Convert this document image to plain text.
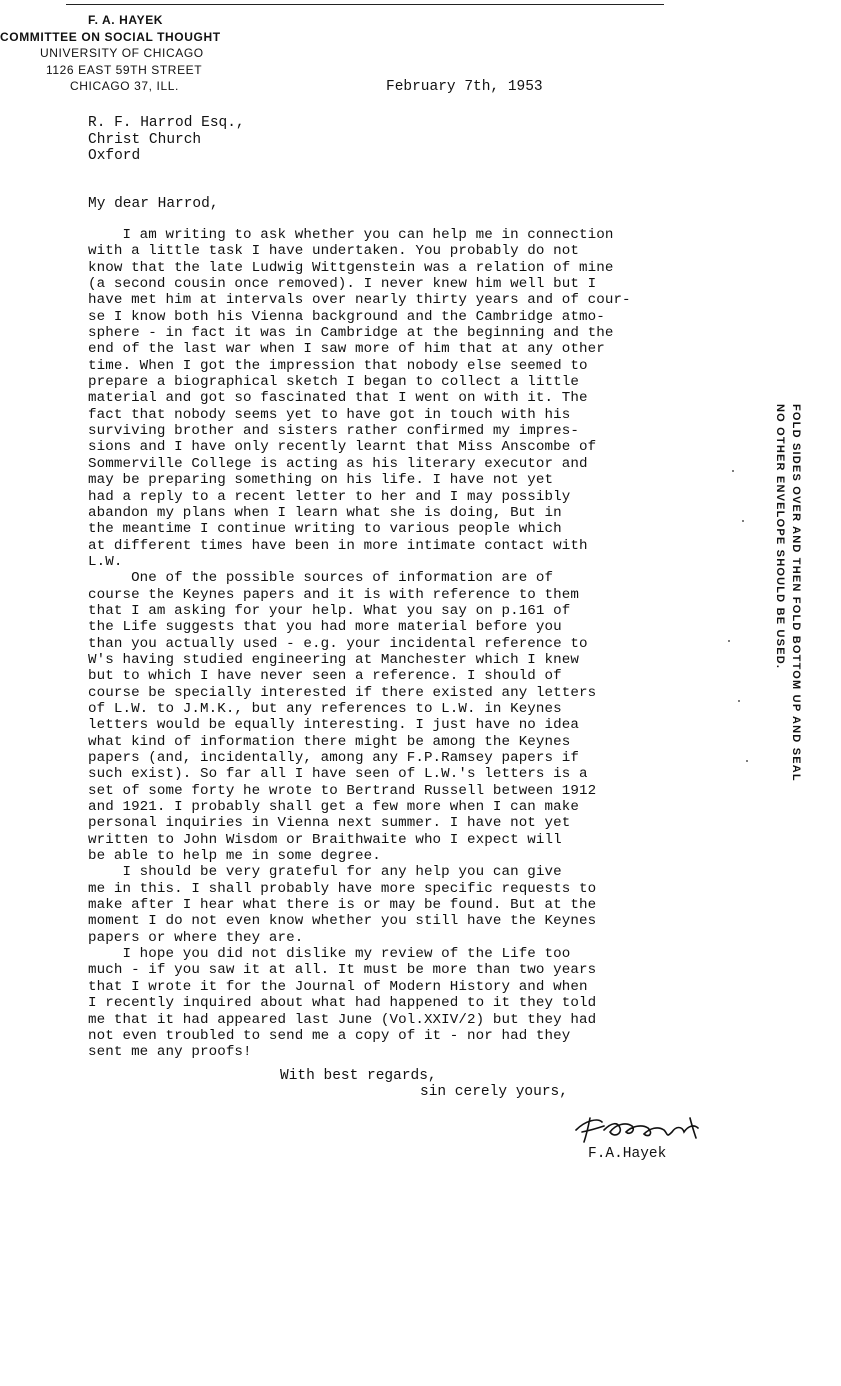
F. A. HAYEK
COMMITTEE ON SOCIAL THOUGHT
UNIVERSITY OF CHICAGO
1126 EAST 59TH STREET
CHICAGO 37, ILL.	February 7th, 1953
R. F. Harrod Esq.,
Christ Church
Oxford
My dear Harrod,
I am writing to ask whether you can help me in connection
with a little task I have undertaken. You probably do not
know that the late Ludwig Wittgenstein was a relation of mine
(a second cousin once removed). I never knew him well but I
have met him at intervals over nearly thirty years and of cour-
se I know both his Vienna background and the Cambridge atmo-
sphere - in fact it was in Cambridge at the beginning and the
end of the last war when I saw more of him that at any other
time. When I got the impression that nobody else seemed to
prepare a biographical sketch I began to collect a little
material and got so fascinated that I went on with it. The
fact that nobody seems yet to have got in touch with his
surviving brother and sisters rather confirmed my impres-
sions and I have only recently learnt that Miss Anscombe of
Sommerville College is acting as his literary executor and
may be preparing something on his life. I have not yet
had a reply to a recent letter to her and I may possibly
abandon my plans when I learn what she is doing, But in
the meantime I continue writing to various people which
at different times have been in more intimate contact with
L.W.
One of the possible sources of information are of
course the Keynes papers and it is with reference to them
that I am asking for your help. What you say on p.161 of
the Life suggests that you had more material before you
than you actually used - e.g. your incidental reference to
W's having studied engineering at Manchester which I knew
but to which I have never seen a reference. I should of
course be specially interested if there existed any letters
of L.W. to J.M.K., but any references to L.W. in Keynes
letters would be equally interesting. I just have no idea
what kind of information there might be among the Keynes
papers (and, incidentally, among any F.P.Ramsey papers if
such exist). So far all I have seen of L.W.'s letters is a
set of some forty he wrote to Bertrand Russell between 1912
and 1921. I probably shall get a few more when I can make
personal inquiries in Vienna next summer. I have not yet
written to John Wisdom or Braithwaite who I expect will
be able to help me in some degree.
I should be very grateful for any help you can give
me in this. I shall probably have more specific requests to
make after I hear what there is or may be found. But at the
moment I do not even know whether you still have the Keynes
papers or where they are.
I hope you did not dislike my review of the Life too
much - if you saw it at all. It must be more than two years
that I wrote it for the Journal of Modern History and when
I recently inquired about what had happened to it they told
me that it had appeared last June (Vol.XXIV/2) but they had
not even troubled to send me a copy of it - nor had they
sent me any proofs!
With best regards,
sin cerely yours,
F.A.Hayek
FOLD SIDES OVER AND THEN FOLD BOTTOM UP AND SEAL
NO OTHER ENVELOPE SHOULD BE USED.
